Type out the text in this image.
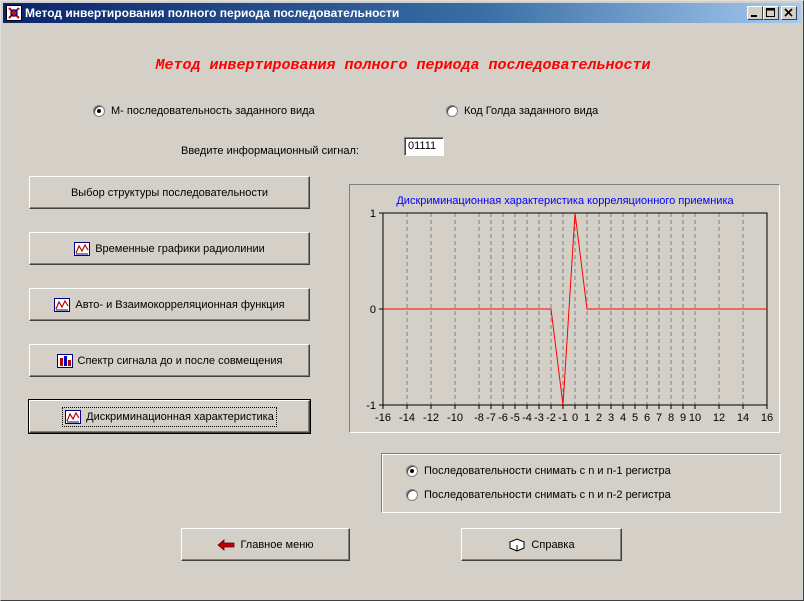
Метод инвертирования полного периода последовательности
Метод инвертирования полного периода последовательности
М- последовательность заданного вида	Код Голда заданного вида
Введите информационный сигнал:	01111
Выбор структуры последовательности
Временные графики радиолинии
Авто- и Взаимокорреляционная функция
Спектр сигнала до и после совмещения
Дискриминационная характеристика
Дискриминационная характеристика корреляционного приемника
-16 -14 -12 -10 -8 -7 -6 -5 -4 -3 -2 -1 0 1 2 3 4 5 6 7 8 9 10 12 14 16
-1
0
1
Последовательности снимать с n и n-1 регистра
Последовательности снимать с n и n-2 регистра
Главное меню	Справка
